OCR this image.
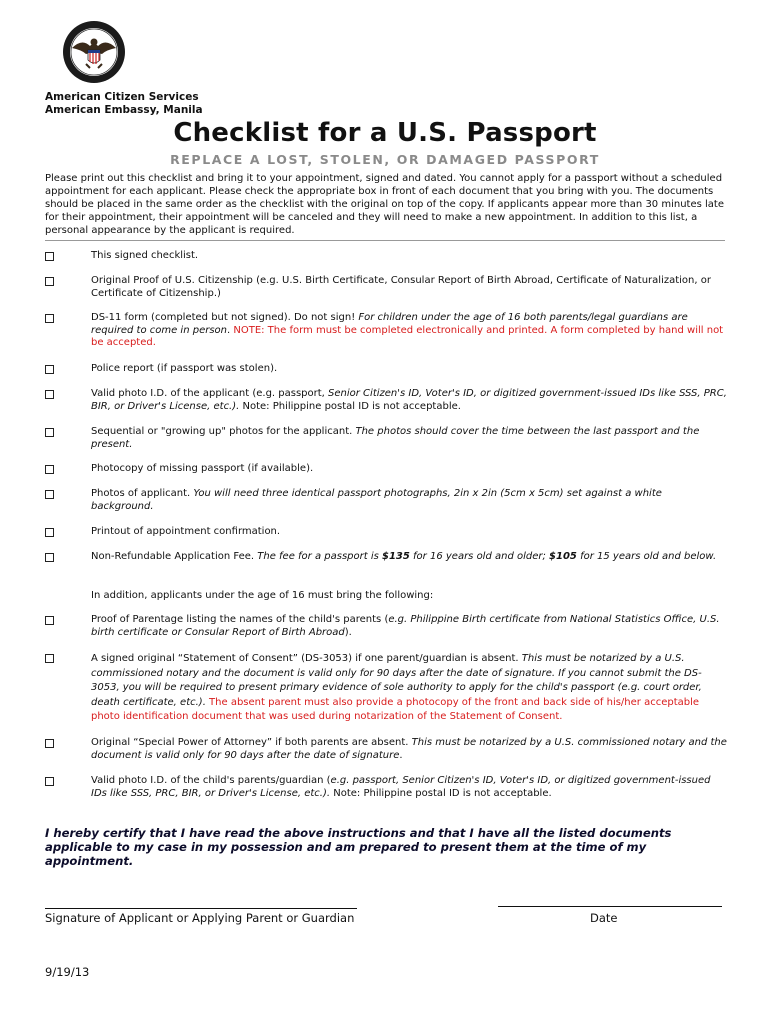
American Citizen Services
American Embassy, Manila
Checklist for a U.S. Passport
REPLACE A LOST, STOLEN, OR DAMAGED PASSPORT
Please print out this checklist and bring it to your appointment, signed and dated. You cannot apply for a passport without a scheduled appointment for each applicant. Please check the appropriate box in front of each document that you bring with you. The documents should be placed in the same order as the checklist with the original on top of the copy. If applicants appear more than 30 minutes late for their appointment, their appointment will be canceled and they will need to make a new appointment. In addition to this list, a personal appearance by the applicant is required.
This signed checklist.
Original Proof of U.S. Citizenship (e.g. U.S. Birth Certificate, Consular Report of Birth Abroad, Certificate of Naturalization, or Certificate of Citizenship.)
DS-11 form (completed but not signed). Do not sign! For children under the age of 16 both parents/legal guardians are required to come in person. NOTE: The form must be completed electronically and printed. A form completed by hand will not be accepted.
Police report (if passport was stolen).
Valid photo I.D. of the applicant (e.g. passport, Senior Citizen's ID, Voter's ID, or digitized government-issued IDs like SSS, PRC, BIR, or Driver's License, etc.). Note: Philippine postal ID is not acceptable.
Sequential or "growing up" photos for the applicant. The photos should cover the time between the last passport and the present.
Photocopy of missing passport (if available).
Photos of applicant. You will need three identical passport photographs, 2in x 2in (5cm x 5cm) set against a white background.
Printout of appointment confirmation.
Non-Refundable Application Fee. The fee for a passport is $135 for 16 years old and older; $105 for 15 years old and below.
In addition, applicants under the age of 16 must bring the following:
Proof of Parentage listing the names of the child's parents (e.g. Philippine Birth certificate from National Statistics Office, U.S. birth certificate or Consular Report of Birth Abroad).
A signed original “Statement of Consent” (DS-3053) if one parent/guardian is absent. This must be notarized by a U.S. commissioned notary and the document is valid only for 90 days after the date of signature. If you cannot submit the DS-3053, you will be required to present primary evidence of sole authority to apply for the child's passport (e.g. court order, death certificate, etc.). The absent parent must also provide a photocopy of the front and back side of his/her acceptable photo identification document that was used during notarization of the Statement of Consent.
Original “Special Power of Attorney” if both parents are absent. This must be notarized by a U.S. commissioned notary and the document is valid only for 90 days after the date of signature.
Valid photo I.D. of the child's parents/guardian (e.g. passport, Senior Citizen's ID, Voter's ID, or digitized government-issued IDs like SSS, PRC, BIR, or Driver's License, etc.). Note: Philippine postal ID is not acceptable.
I hereby certify that I have read the above instructions and that I have all the listed documents applicable to my case in my possession and am prepared to present them at the time of my appointment.
Signature of Applicant or Applying Parent or Guardian	Date
9/19/13
